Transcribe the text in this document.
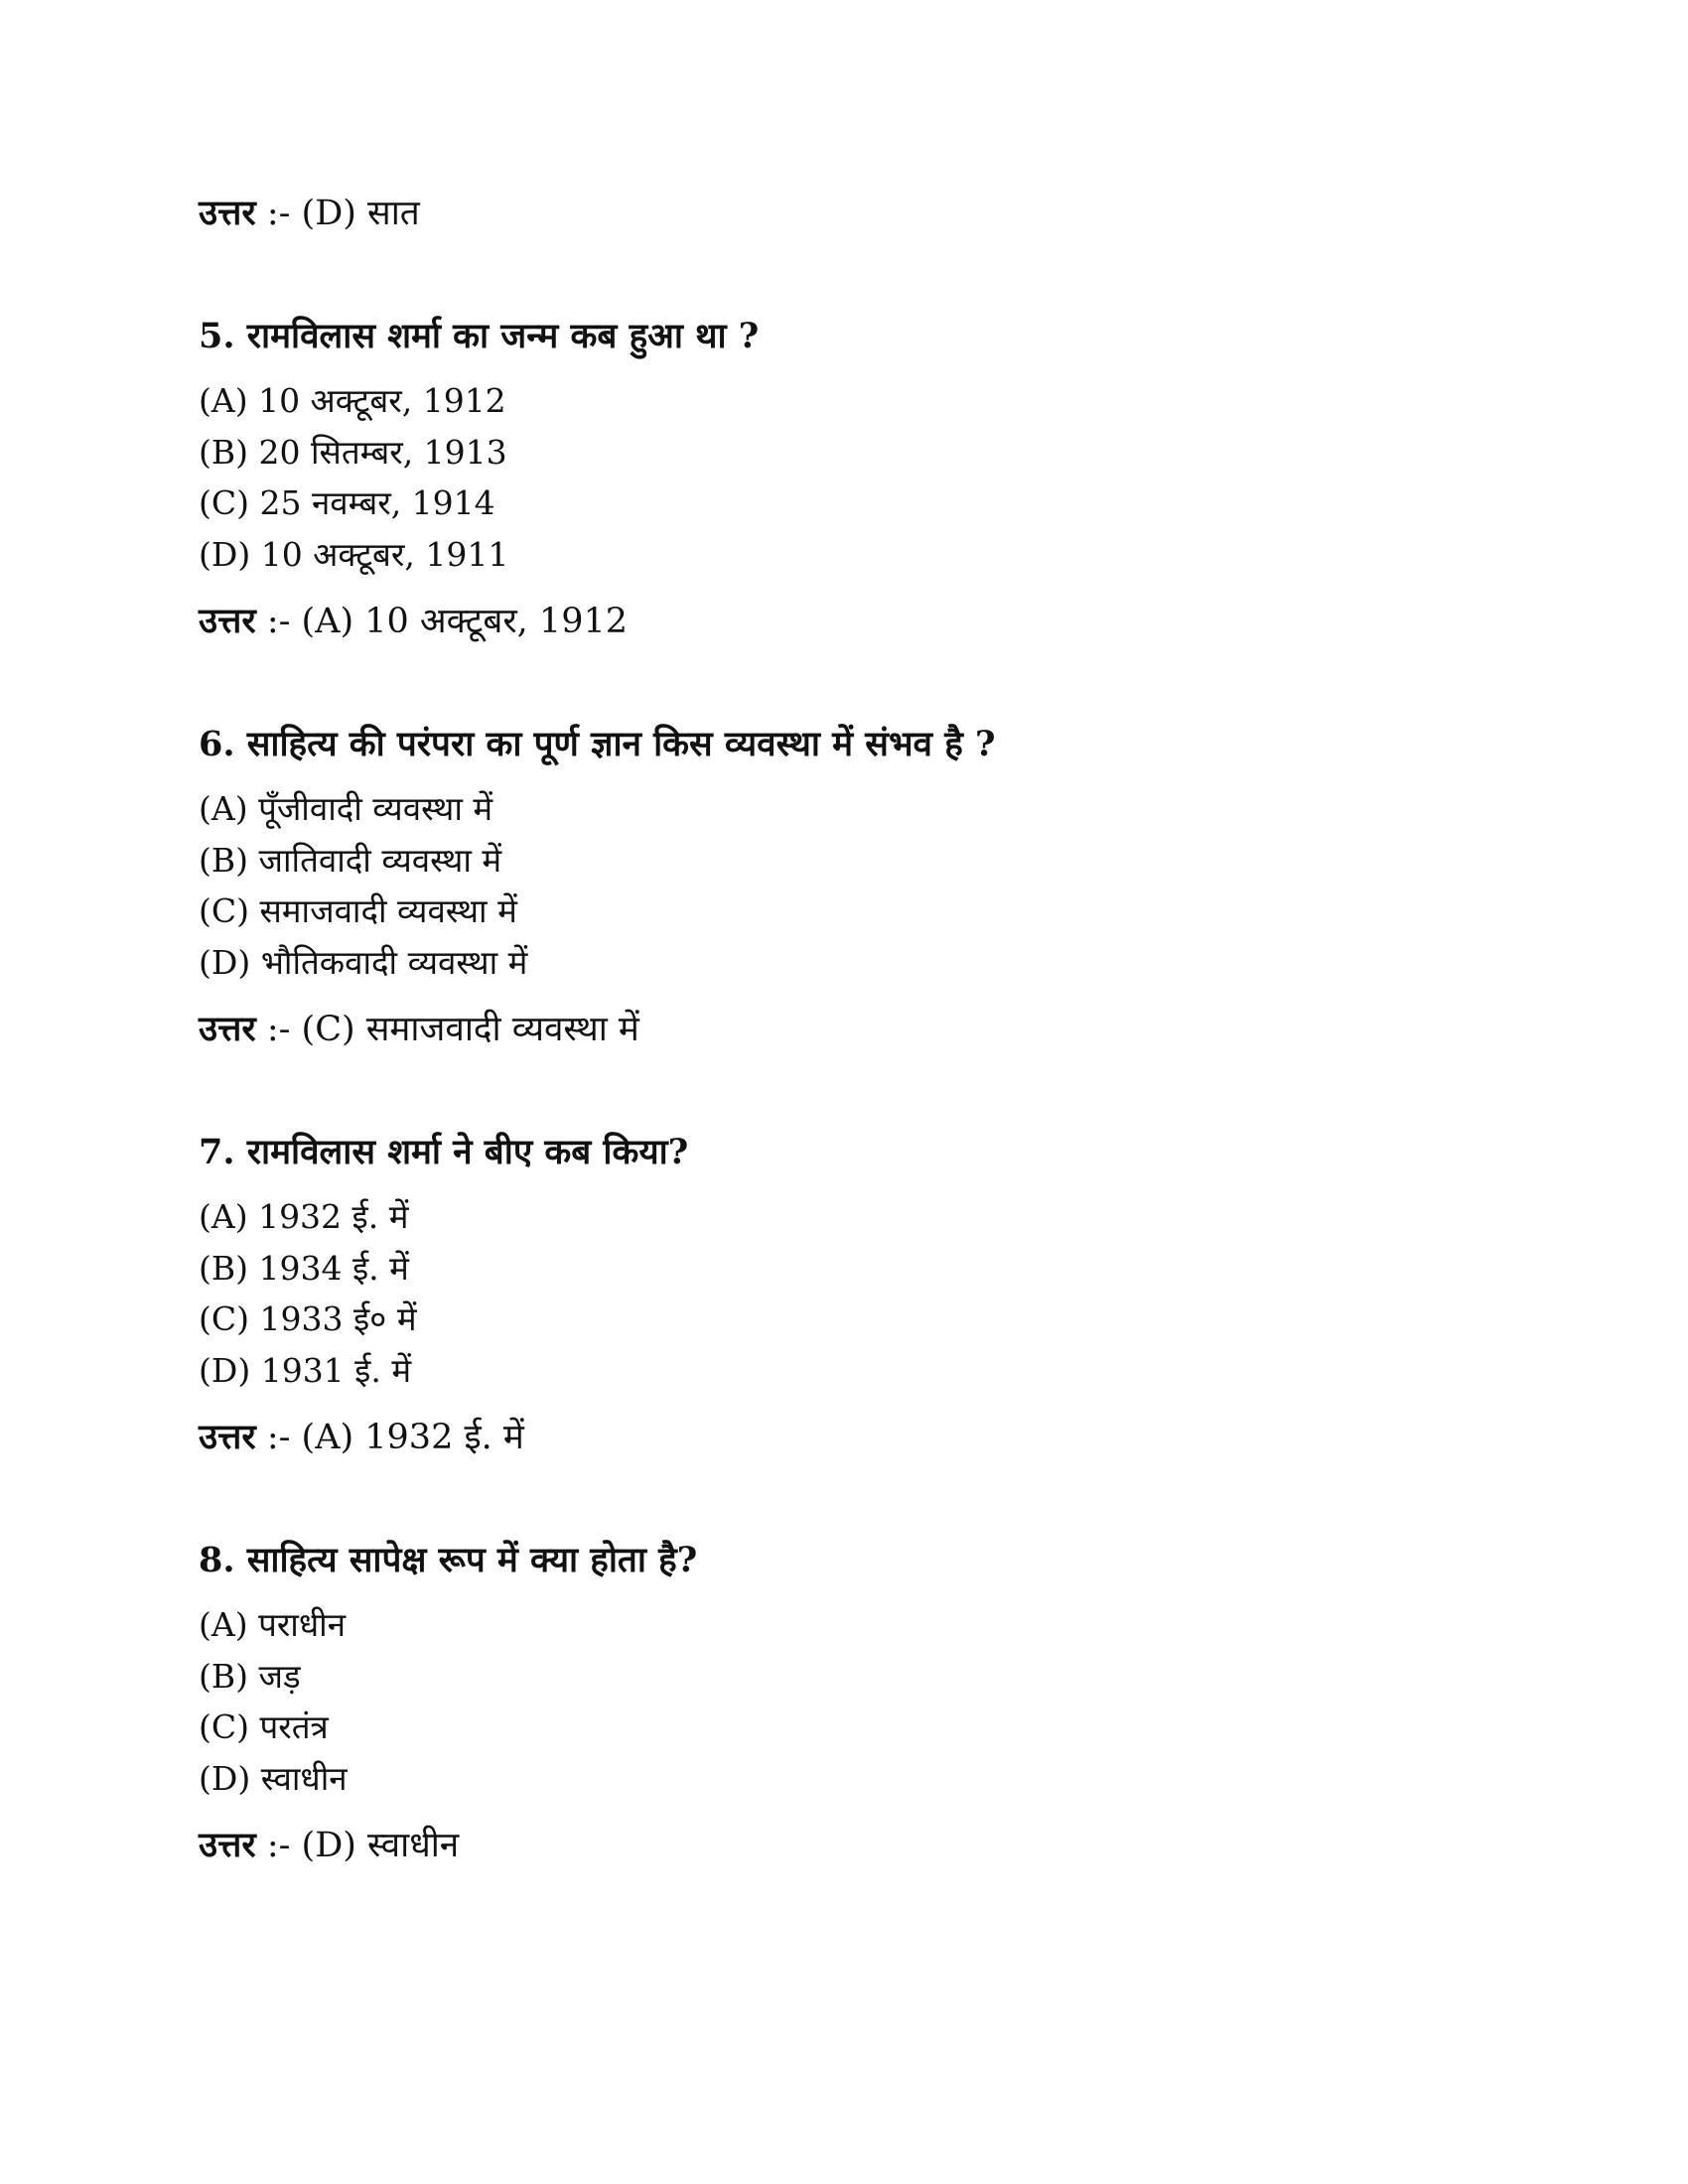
उत्तर :- (D) सात

5. रामविलास शर्मा का जन्म कब हुआ था ?
(A) 10 अक्टूबर, 1912
(B) 20 सितम्बर, 1913
(C) 25 नवम्बर, 1914
(D) 10 अक्टूबर, 1911

उत्तर :- (A) 10 अक्टूबर, 1912

6. साहित्य की परंपरा का पूर्ण ज्ञान किस व्यवस्था में संभव है ?
(A) पूँजीवादी व्यवस्था में
(B) जातिवादी व्यवस्था में
(C) समाजवादी व्यवस्था में
(D) भौतिकवादी व्यवस्था में

उत्तर :- (C) समाजवादी व्यवस्था में

7. रामविलास शर्मा ने बीए कब किया?
(A) 1932 ई. में
(B) 1934 ई. में
(C) 1933 ई० में
(D) 1931 ई. में

उत्तर :- (A) 1932 ई. में

8. साहित्य सापेक्ष रूप में क्या होता है?
(A) पराधीन
(B) जड़
(C) परतंत्र
(D) स्वाधीन

उत्तर :- (D) स्वाधीन
